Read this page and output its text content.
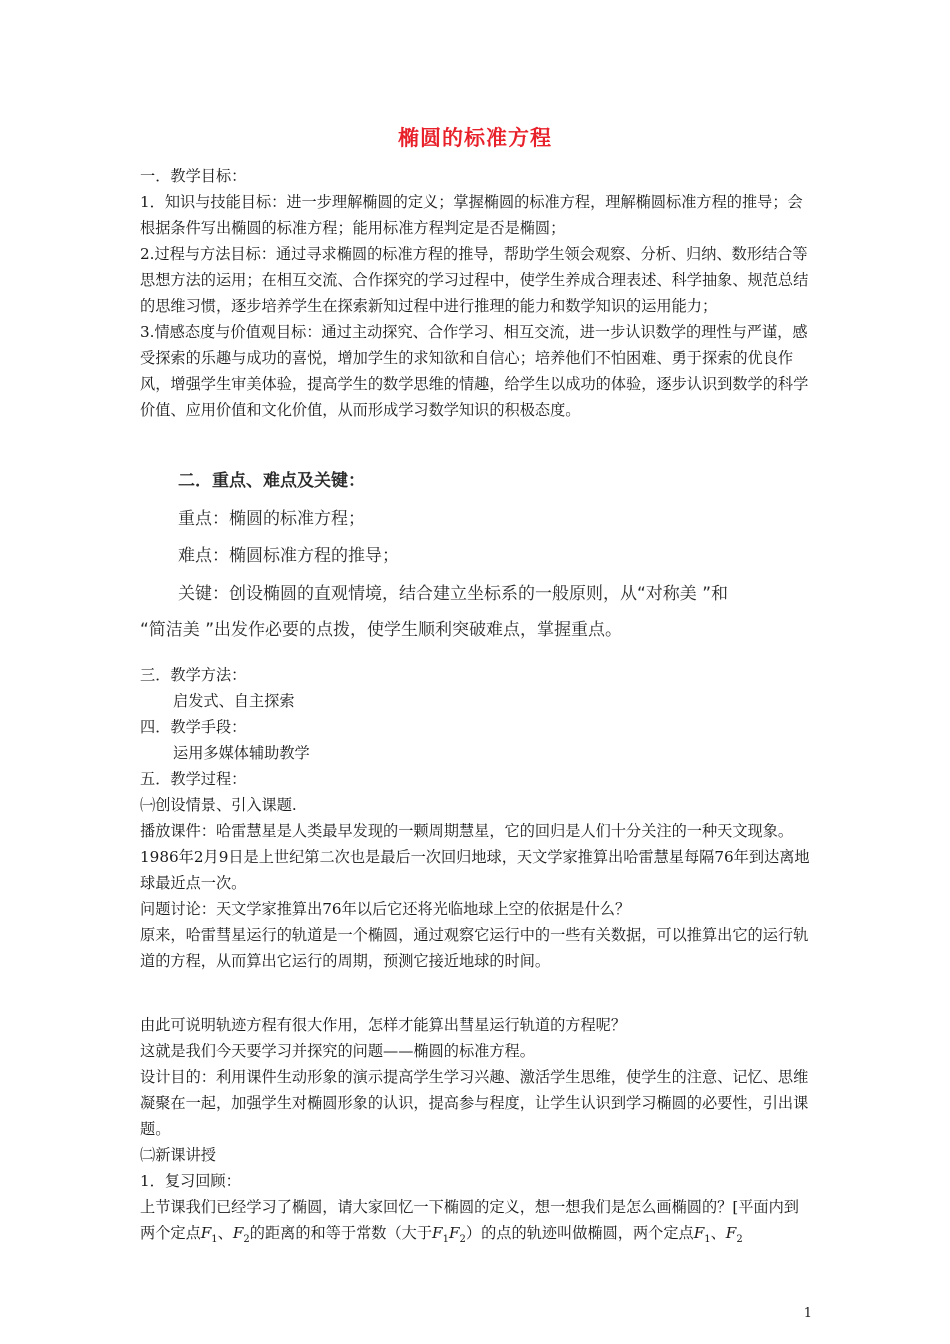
椭圆的标准方程

一．教学目标：

1．知识与技能目标：进一步理解椭圆的定义；掌握椭圆的标准方程，理解椭圆标准方程的推导；会根据条件写出椭圆的标准方程；能用标准方程判定是否是椭圆；

2.过程与方法目标：通过寻求椭圆的标准方程的推导，帮助学生领会观察、分析、归纳、数形结合等思想方法的运用；在相互交流、合作探究的学习过程中，使学生养成合理表述、科学抽象、规范总结的思维习惯，逐步培养学生在探索新知过程中进行推理的能力和数学知识的运用能力；

3.情感态度与价值观目标：通过主动探究、合作学习、相互交流，进一步认识数学的理性与严谨，感受探索的乐趣与成功的喜悦，增加学生的求知欲和自信心；培养他们不怕困难、勇于探索的优良作风，增强学生审美体验，提高学生的数学思维的情趣，给学生以成功的体验，逐步认识到数学的科学价值、应用价值和文化价值，从而形成学习数学知识的积极态度。

二．重点、难点及关键：
重点：椭圆的标准方程；
难点：椭圆标准方程的推导；
关键：创设椭圆的直观情境，结合建立坐标系的一般原则，从“对称美 ”和
“简洁美 ”出发作必要的点拨，使学生顺利突破难点，掌握重点。

三．教学方法：

启发式、自主探索

四．教学手段：

运用多媒体辅助教学

五．教学过程：

㈠创设情景、引入课题.

播放课件：哈雷慧星是人类最早发现的一颗周期慧星，它的回归是人们十分关注的一种天文现象。1986年2月9日是上世纪第二次也是最后一次回归地球，天文学家推算出哈雷慧星每隔76年到达离地球最近点一次。

问题讨论：天文学家推算出76年以后它还将光临地球上空的依据是什么？

原来，哈雷彗星运行的轨道是一个椭圆，通过观察它运行中的一些有关数据，可以推算出它的运行轨道的方程，从而算出它运行的周期，预测它接近地球的时间。

由此可说明轨迹方程有很大作用，怎样才能算出彗星运行轨道的方程呢？

这就是我们今天要学习并探究的问题——椭圆的标准方程。

设计目的：利用课件生动形象的演示提高学生学习兴趣、激活学生思维，使学生的注意、记忆、思维凝聚在一起，加强学生对椭圆形象的认识，提高参与程度，让学生认识到学习椭圆的必要性，引出课题。

㈡新课讲授

1．复习回顾：

上节课我们已经学习了椭圆，请大家回忆一下椭圆的定义，想一想我们是怎么画椭圆的？[平面内到两个定点$F_1$、$F_2$的距离的和等于常数（大于$F_1F_2$）的点的轨迹叫做椭圆，两个定点$F_1$、$F_2$

1
